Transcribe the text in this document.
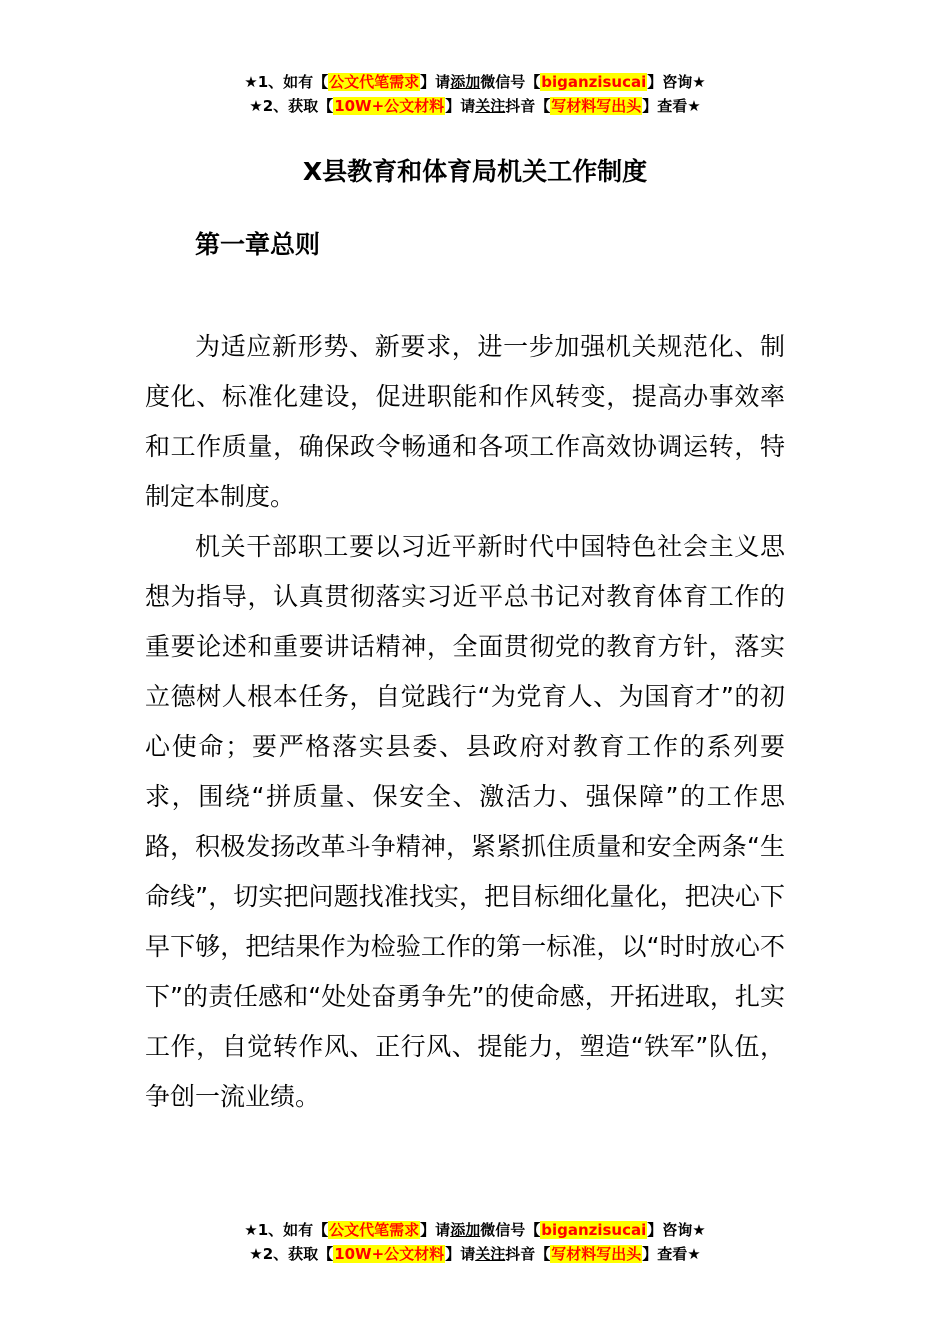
★1、如有【公文代笔需求】请添加微信号【biganzisucai】咨询★
★2、获取【10W+公文材料】请关注抖音【写材料写出头】查看★
X县教育和体育局机关工作制度
第一章总则

为适应新形势、新要求，进一步加强机关规范化、制度化、标准化建设，促进职能和作风转变，提高办事效率和工作质量，确保政令畅通和各项工作高效协调运转，特制定本制度。

机关干部职工要以习近平新时代中国特色社会主义思想为指导，认真贯彻落实习近平总书记对教育体育工作的重要论述和重要讲话精神，全面贯彻党的教育方针，落实立德树人根本任务，自觉践行“为党育人、为国育才”的初心使命；要严格落实县委、县政府对教育工作的系列要求，围绕“拼质量、保安全、激活力、强保障”的工作思路，积极发扬改革斗争精神，紧紧抓住质量和安全两条“生命线”，切实把问题找准找实，把目标细化量化，把决心下早下够，把结果作为检验工作的第一标准，以“时时放心不下”的责任感和“处处奋勇争先”的使命感，开拓进取，扎实工作，自觉转作风、正行风、提能力，塑造“铁军”队伍，争创一流业绩。

★1、如有【公文代笔需求】请添加微信号【biganzisucai】咨询★
★2、获取【10W+公文材料】请关注抖音【写材料写出头】查看★
